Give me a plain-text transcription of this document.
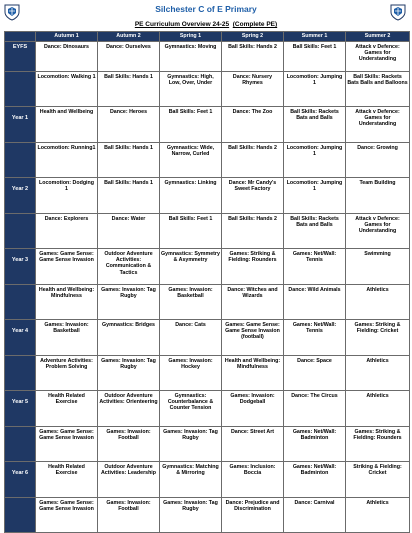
Silchester C of E Primary
PE Curriculum Overview 24-25 (Complete PE)
	Autumn 1	Autumn 2	Spring 1	Spring 2	Summer 1	Summer 2
EYFS	Dance: Dinosaurs	Dance: Ourselves	Gymnastics: Moving	Ball Skills: Hands 2	Ball Skills: Feet 1	Attack v Defence: Games for Understanding
	Locomotion: Walking 1	Ball Skills: Hands 1	Gymnastics: High, Low, Over, Under	Dance: Nursery Rhymes	Locomotion: Jumping 1	Ball Skills: Rackets Bats Balls and Balloons
Year 1	Health and Wellbeing	Dance: Heroes	Ball Skills: Feet 1	Dance: The Zoo	Ball Skills: Rackets Bats and Balls	Attack v Defence: Games for Understanding
	Locomotion: Running1	Ball Skills: Hands 1	Gymnastics: Wide, Narrow, Curled	Ball Skills: Hands 2	Locomotion: Jumping 1	Dance: Growing
Year 2	Locomotion: Dodging 1	Ball Skills: Hands 1	Gymnastics: Linking	Dance: Mr Candy's Sweet Factory	Locomotion: Jumping 1	Team Building
	Dance: Explorers	Dance: Water	Ball Skills: Feet 1	Ball Skills: Hands 2	Ball Skills: Rackets Bats and Balls	Attack v Defence: Games for Understanding
Year 3	Games: Game Sense: Game Sense Invasion	Outdoor Adventure Activities: Communication & Tactics	Gymnastics: Symmetry & Asymmetry	Games: Striking & Fielding: Rounders	Games: Net/Wall: Tennis	Swimming
	Health and Wellbeing: Mindfulness	Games: Invasion: Tag Rugby	Games: Invasion: Basketball	Dance: Witches and Wizards	Dance: Wild Animals	Athletics
Year 4	Games: Invasion: Basketball	Gymnastics: Bridges	Dance: Cats	Games: Game Sense: Game Sense Invasion (football)	Games: Net/Wall: Tennis	Games: Striking & Fielding: Cricket
	Adventure Activities: Problem Solving	Games: Invasion: Tag Rugby	Games: Invasion: Hockey	Health and Wellbeing: Mindfulness	Dance: Space	Athletics
Year 5	Health Related Exercise	Outdoor Adventure Activities: Orienteering	Gymnastics: Counterbalance & Counter Tension	Games: Invasion: Dodgeball	Dance: The Circus	Athletics
	Games: Game Sense: Game Sense Invasion	Games: Invasion: Football	Games: Invasion: Tag Rugby	Dance: Street Art	Games: Net/Wall: Badminton	Games: Striking & Fielding: Rounders
Year 6	Health Related Exercise	Outdoor Adventure Activities: Leadership	Gymnastics: Matching & Mirroring	Games: Inclusion: Boccia	Games: Net/Wall: Badminton	Striking & Fielding: Cricket
	Games: Game Sense: Game Sense Invasion	Games: Invasion: Football	Games: Invasion: Tag Rugby	Dance: Prejudice and Discrimination	Dance: Carnival	Athletics
